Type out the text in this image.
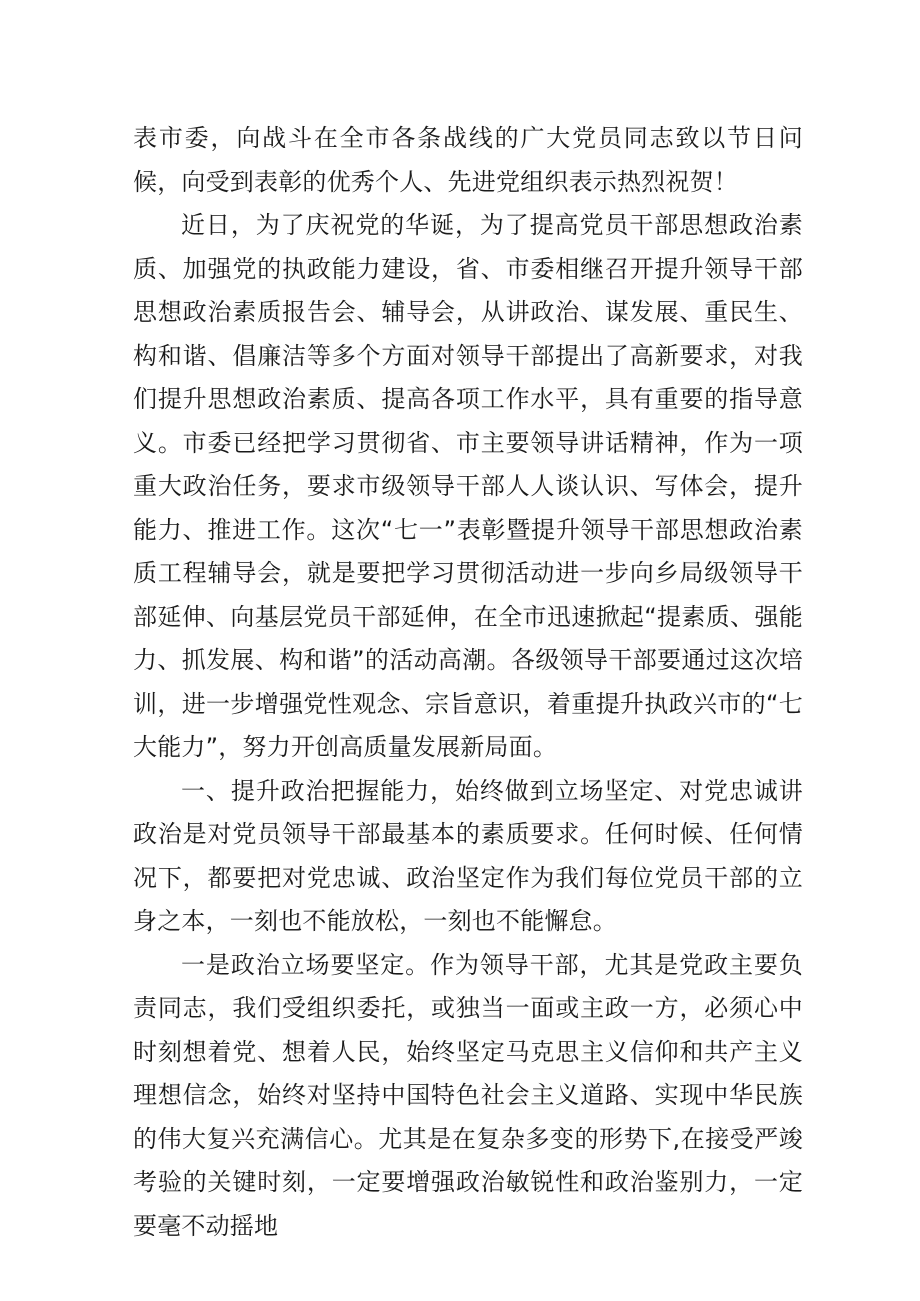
表市委，向战斗在全市各条战线的广大党员同志致以节日问候，向受到表彰的优秀个人、先进党组织表示热烈祝贺！

近日，为了庆祝党的华诞，为了提高党员干部思想政治素质、加强党的执政能力建设，省、市委相继召开提升领导干部思想政治素质报告会、辅导会，从讲政治、谋发展、重民生、构和谐、倡廉洁等多个方面对领导干部提出了高新要求，对我们提升思想政治素质、提高各项工作水平，具有重要的指导意义。市委已经把学习贯彻省、市主要领导讲话精神，作为一项重大政治任务，要求市级领导干部人人谈认识、写体会，提升能力、推进工作。这次“七一”表彰暨提升领导干部思想政治素质工程辅导会，就是要把学习贯彻活动进一步向乡局级领导干部延伸、向基层党员干部延伸，在全市迅速掀起“提素质、强能力、抓发展、构和谐”的活动高潮。各级领导干部要通过这次培训，进一步增强党性观念、宗旨意识，着重提升执政兴市的“七大能力”，努力开创高质量发展新局面。

一、提升政治把握能力，始终做到立场坚定、对党忠诚讲政治是对党员领导干部最基本的素质要求。任何时候、任何情况下，都要把对党忠诚、政治坚定作为我们每位党员干部的立身之本，一刻也不能放松，一刻也不能懈怠。

一是政治立场要坚定。作为领导干部，尤其是党政主要负责同志，我们受组织委托，或独当一面或主政一方，必须心中时刻想着党、想着人民，始终坚定马克思主义信仰和共产主义理想信念，始终对坚持中国特色社会主义道路、实现中华民族的伟大复兴充满信心。尤其是在复杂多变的形势下,在接受严竣考验的关键时刻，一定要增强政治敏锐性和政治鉴别力，一定要毫不动摇地
